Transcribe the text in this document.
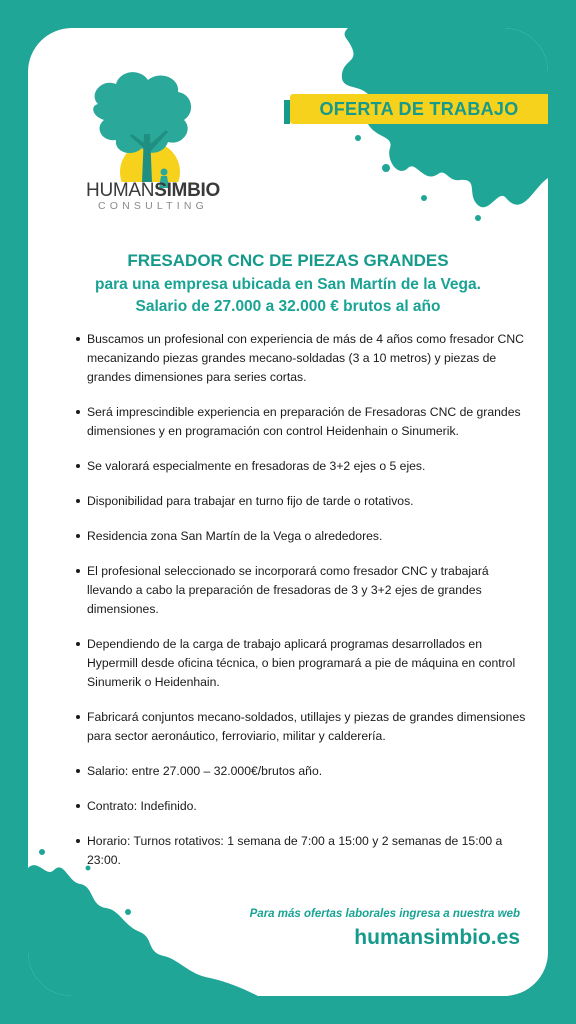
HUMANSIMBIO
CONSULTING
OFERTA DE TRABAJO

FRESADOR CNC DE PIEZAS GRANDES

para una empresa ubicada en San Martín de la Vega.

Salario de 27.000 a 32.000 € brutos al año

Buscamos un profesional con experiencia de más de 4 años como fresador CNC mecanizando piezas grandes mecano-soldadas (3 a 10 metros) y piezas de grandes dimensiones para series cortas.
Será imprescindible experiencia en preparación de Fresadoras CNC de grandes dimensiones y en programación con control Heidenhain o Sinumerik.
Se valorará especialmente en fresadoras de 3+2 ejes o 5 ejes.
Disponibilidad para trabajar en turno fijo de tarde o rotativos.
Residencia zona San Martín de la Vega o alrededores.
El profesional seleccionado se incorporará como fresador CNC y trabajará llevando a cabo la preparación de fresadoras de 3 y 3+2 ejes de grandes dimensiones.
Dependiendo de la carga de trabajo aplicará programas desarrollados en Hypermill desde oficina técnica, o bien programará a pie de máquina en control Sinumerik o Heidenhain.
Fabricará conjuntos mecano-soldados, utillajes y piezas de grandes dimensiones para sector aeronáutico, ferroviario, militar y calderería.
Salario: entre 27.000 – 32.000€/brutos año.
Contrato: Indefinido.
Horario: Turnos rotativos: 1 semana de 7:00 a 15:00 y 2 semanas de 15:00 a 23:00.
Para más ofertas laborales ingresa a nuestra web
humansimbio.es
